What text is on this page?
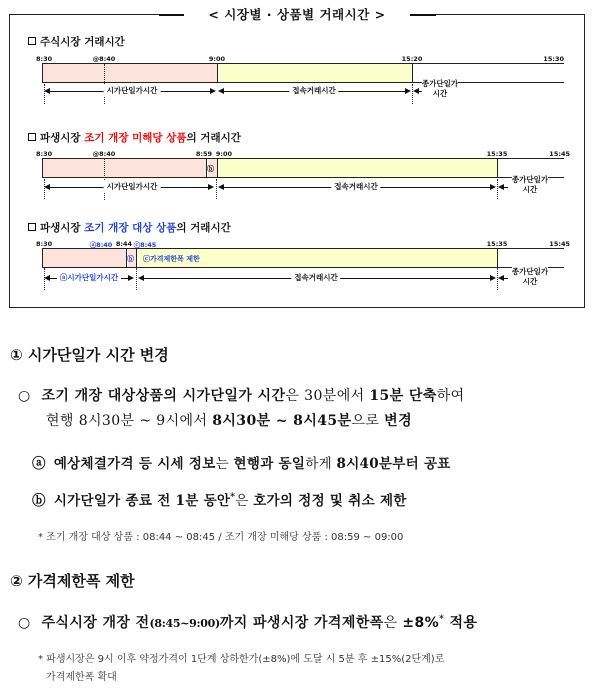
< 시장별 · 상품별 거래시간 >
주식시장 거래시간
8:30	@8:40	9:00	15:20	15:30
시가단일가시간	접속거래시간
종가단일가
시간
파생시장 조기 개장 미해당 상품의 거래시간
8:30	@8:40	8:59 9:00	15:35	15:45
ⓑ
시가단일가시간	접속거래시간
종가단일가
시간
파생시장 조기 개장 대상 상품의 거래시간
8:30	ⓐ8:40 8:44 ⓒ8:45	15:35	15:45
ⓑ ⓒ가격제한폭 제한
ⓐ시가단일가시간	접속거래시간
종가단일가
시간
① 시가단일가 시간 변경
○ 조기 개장 대상상품의 시가단일가 시간은 30분에서 15분 단축하여
현행 8시30분 ~ 9시에서 8시30분 ~ 8시45분으로 변경
ⓐ 예상체결가격 등 시세 정보는 현행과 동일하게 8시40분부터 공표
ⓑ 시가단일가 종료 전 1분 동안*은 호가의 정정 및 취소 제한
* 조기 개장 대상 상품 : 08:44 ~ 08:45 / 조기 개장 미해당 상품 : 08:59 ~ 09:00
② 가격제한폭 제한
○ 주식시장 개장 전(8:45~9:00)까지 파생시장 가격제한폭은 ±8%* 적용
* 파생시장은 9시 이후 약정가격이 1단계 상하한가(±8%)에 도달 시 5분 후 ±15%(2단계)로
가격제한폭 확대
